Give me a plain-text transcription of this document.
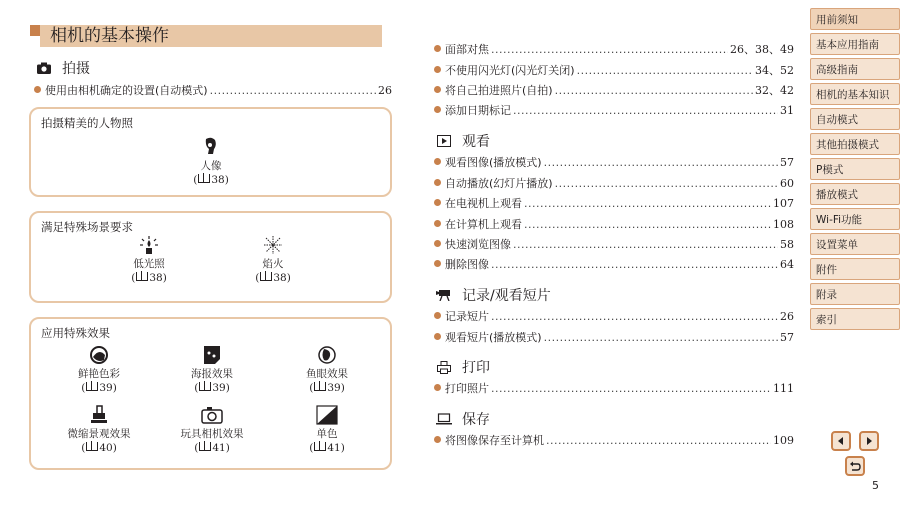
相机的基本操作
拍摄
使用由相机确定的设置(自动模式) .....	26
拍摄精美的人物照
人像
( 38)
满足特殊场景要求
低光照
( 38)
焰火
( 38)
应用特殊效果
鲜艳色彩
( 39)
海报效果
( 39)
鱼眼效果
( 39)
微缩景观效果
( 40)
玩具相机效果
( 41)
单色
( 41)
面部对焦 .....	26、38、49
不使用闪光灯(闪光灯关闭) .....	34、52
将自己拍进照片(自拍) .....	32、42
添加日期标记 .....	31
观看
观看图像(播放模式) .....	57
自动播放(幻灯片播放) .....	60
在电视机上观看 .....	107
在计算机上观看 .....	108
快速浏览图像 .....	58
删除图像 .....	64
记录/观看短片
记录短片 .....	26
观看短片(播放模式) .....	57
打印
打印照片 .....	111
保存
将图像保存至计算机 .....	109
用前须知
基本应用指南
高级指南
相机的基本知识
自动模式
其他拍摄模式
P模式
播放模式
Wi-Fi功能
设置菜单
附件
附录
索引
5
